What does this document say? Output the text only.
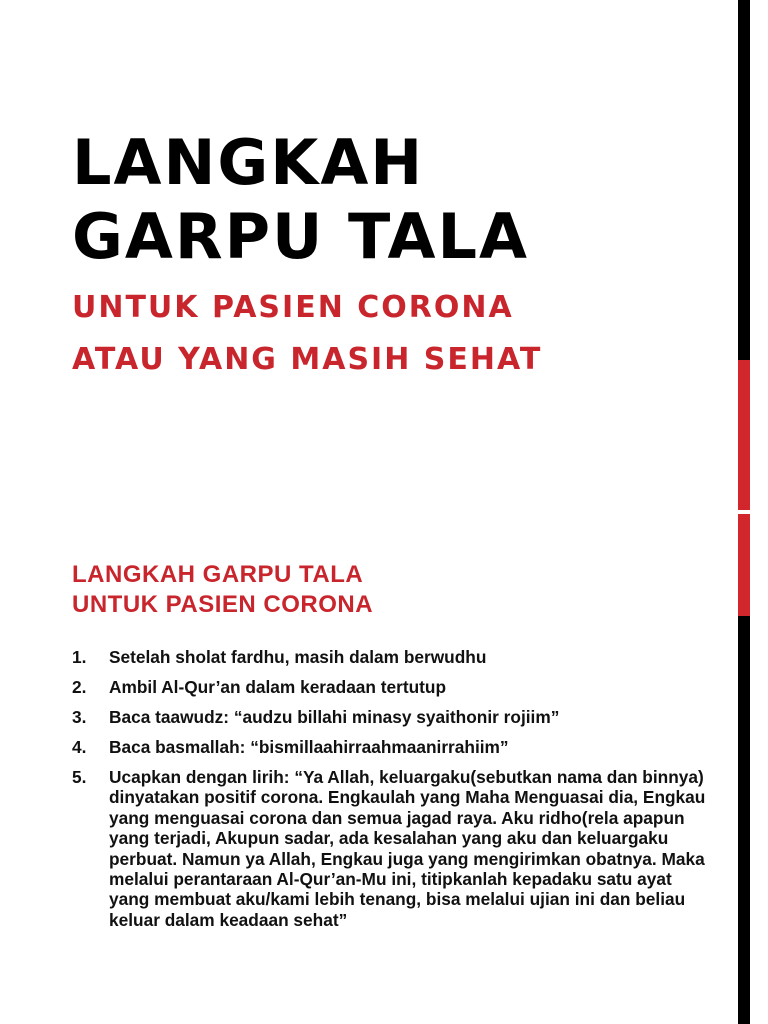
LANGKAH
GARPU TALA
UNTUK PASIEN CORONA
ATAU YANG MASIH SEHAT
LANGKAH GARPU TALA
UNTUK PASIEN CORONA
1.	Setelah sholat fardhu, masih dalam berwudhu
2.	Ambil Al-Qur’an dalam keradaan tertutup
3.	Baca taawudz: “audzu billahi minasy syaithonir rojiim”
4.	Baca basmallah: “bismillaahirraahmaanirrahiim”
5.	Ucapkan dengan lirih: “Ya Allah, keluargaku(sebutkan nama dan binnya) dinyatakan positif corona. Engkaulah yang Maha Menguasai dia, Engkau yang menguasai corona dan semua jagad raya. Aku ridho(rela apapun yang terjadi, Akupun sadar, ada kesalahan yang aku dan keluargaku perbuat. Namun ya Allah, Engkau juga yang mengirimkan obatnya. Maka melalui perantaraan Al-Qur’an-Mu ini, titipkanlah kepadaku satu ayat yang membuat aku/kami lebih tenang, bisa melalui ujian ini dan beliau keluar dalam keadaan sehat”
